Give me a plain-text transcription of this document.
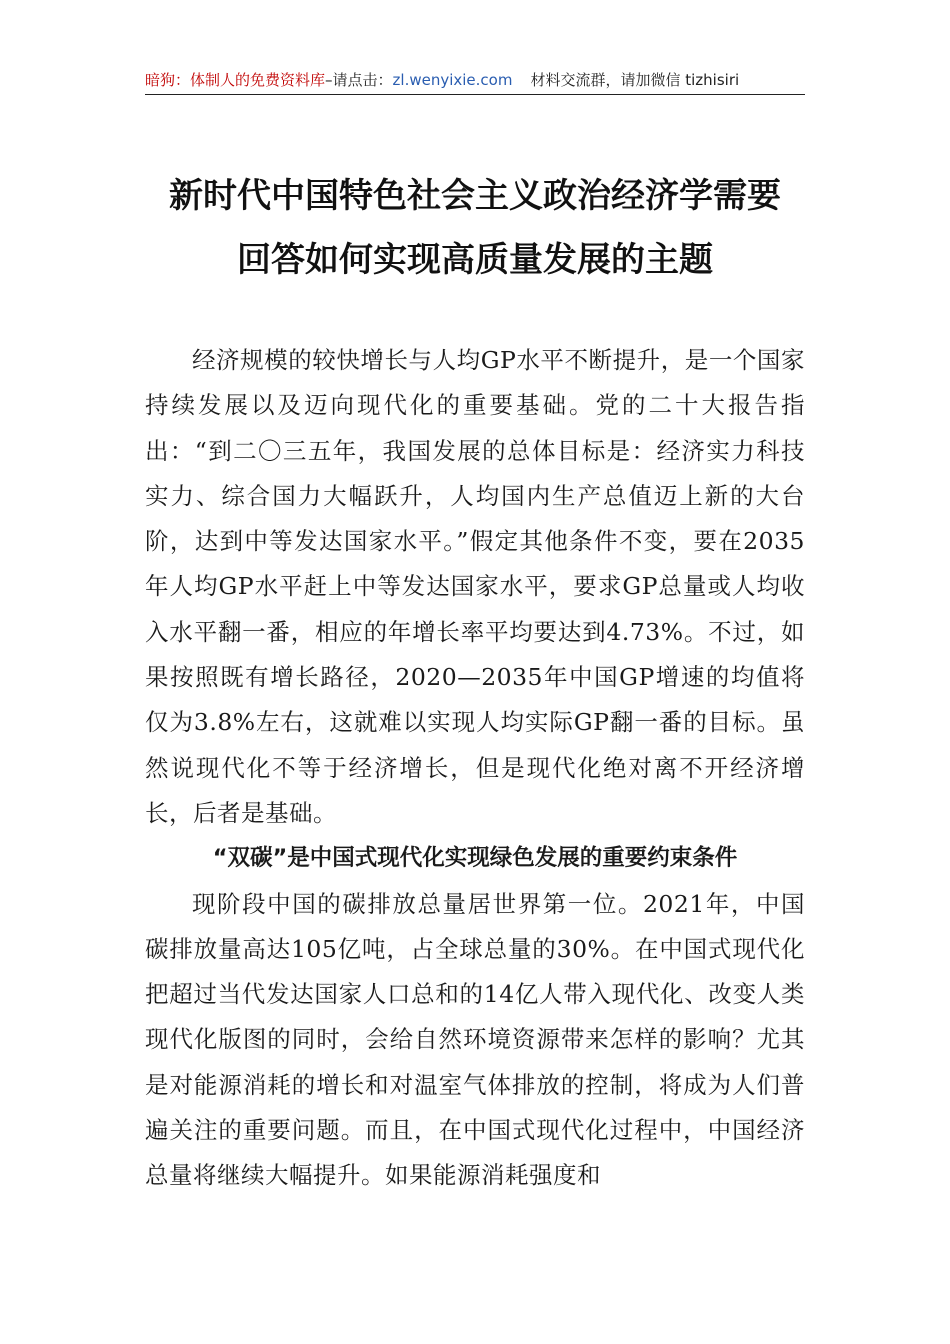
暗狗：体制人的免费资料库–请点击：zl.wenyixie.com 材料交流群，请加微信 tizhisiri
新时代中国特色社会主义政治经济学需要
回答如何实现高质量发展的主题

经济规模的较快增长与人均GP水平不断提升，是一个国家持续发展以及迈向现代化的重要基础。党的二十大报告指出：“到二〇三五年，我国发展的总体目标是：经济实力科技实力、综合国力大幅跃升，人均国内生产总值迈上新的大台阶，达到中等发达国家水平。”假定其他条件不变，要在2035年人均GP水平赶上中等发达国家水平，要求GP总量或人均收入水平翻一番，相应的年增长率平均要达到4.73%。不过，如果按照既有增长路径，2020—2035年中国GP增速的均值将仅为3.8%左右，这就难以实现人均实际GP翻一番的目标。虽然说现代化不等于经济增长，但是现代化绝对离不开经济增长，后者是基础。

“双碳”是中国式现代化实现绿色发展的重要约束条件

现阶段中国的碳排放总量居世界第一位。2021年，中国碳排放量高达105亿吨，占全球总量的30%。在中国式现代化把超过当代发达国家人口总和的14亿人带入现代化、改变人类现代化版图的同时，会给自然环境资源带来怎样的影响？尤其是对能源消耗的增长和对温室气体排放的控制，将成为人们普遍关注的重要问题。而且，在中国式现代化过程中，中国经济总量将继续大幅提升。如果能源消耗强度和
